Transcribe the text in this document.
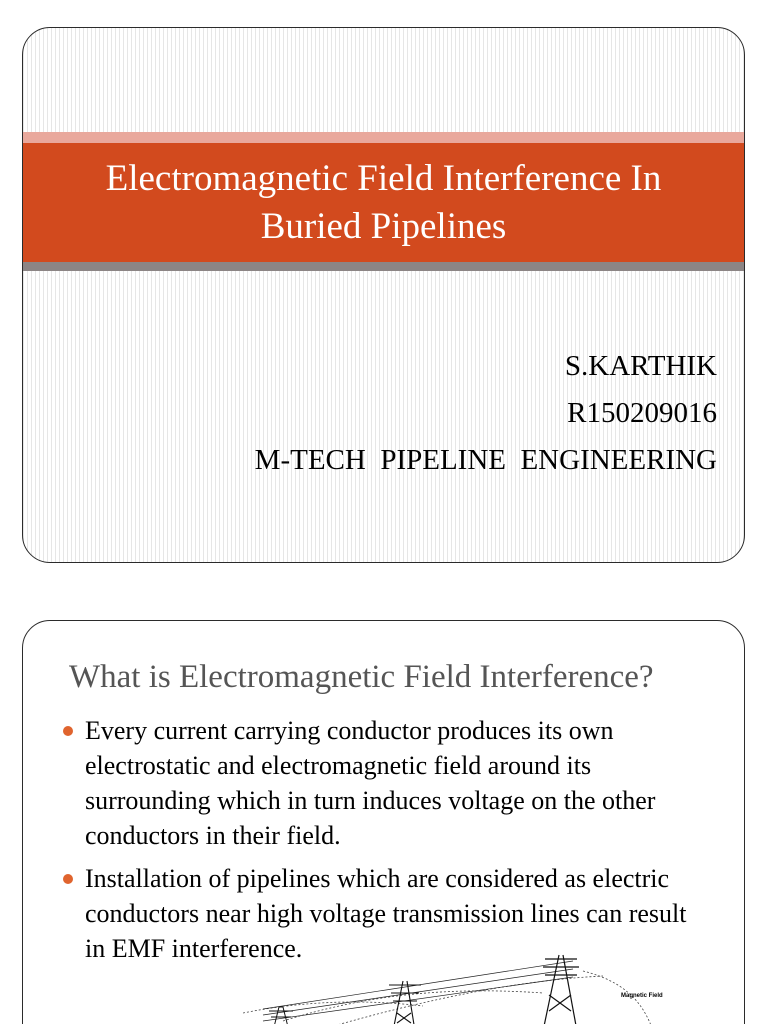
Electromagnetic Field Interference In Buried Pipelines
S.KARTHIK
R150209016
M-TECH  PIPELINE  ENGINEERING
What is Electromagnetic Field Interference?
Every current carrying conductor produces its own electrostatic and electromagnetic field around its surrounding which in turn induces voltage on the other conductors in their field.
Installation of pipelines which are considered as electric conductors near high voltage transmission lines can result in EMF interference.
Magnetic Field
